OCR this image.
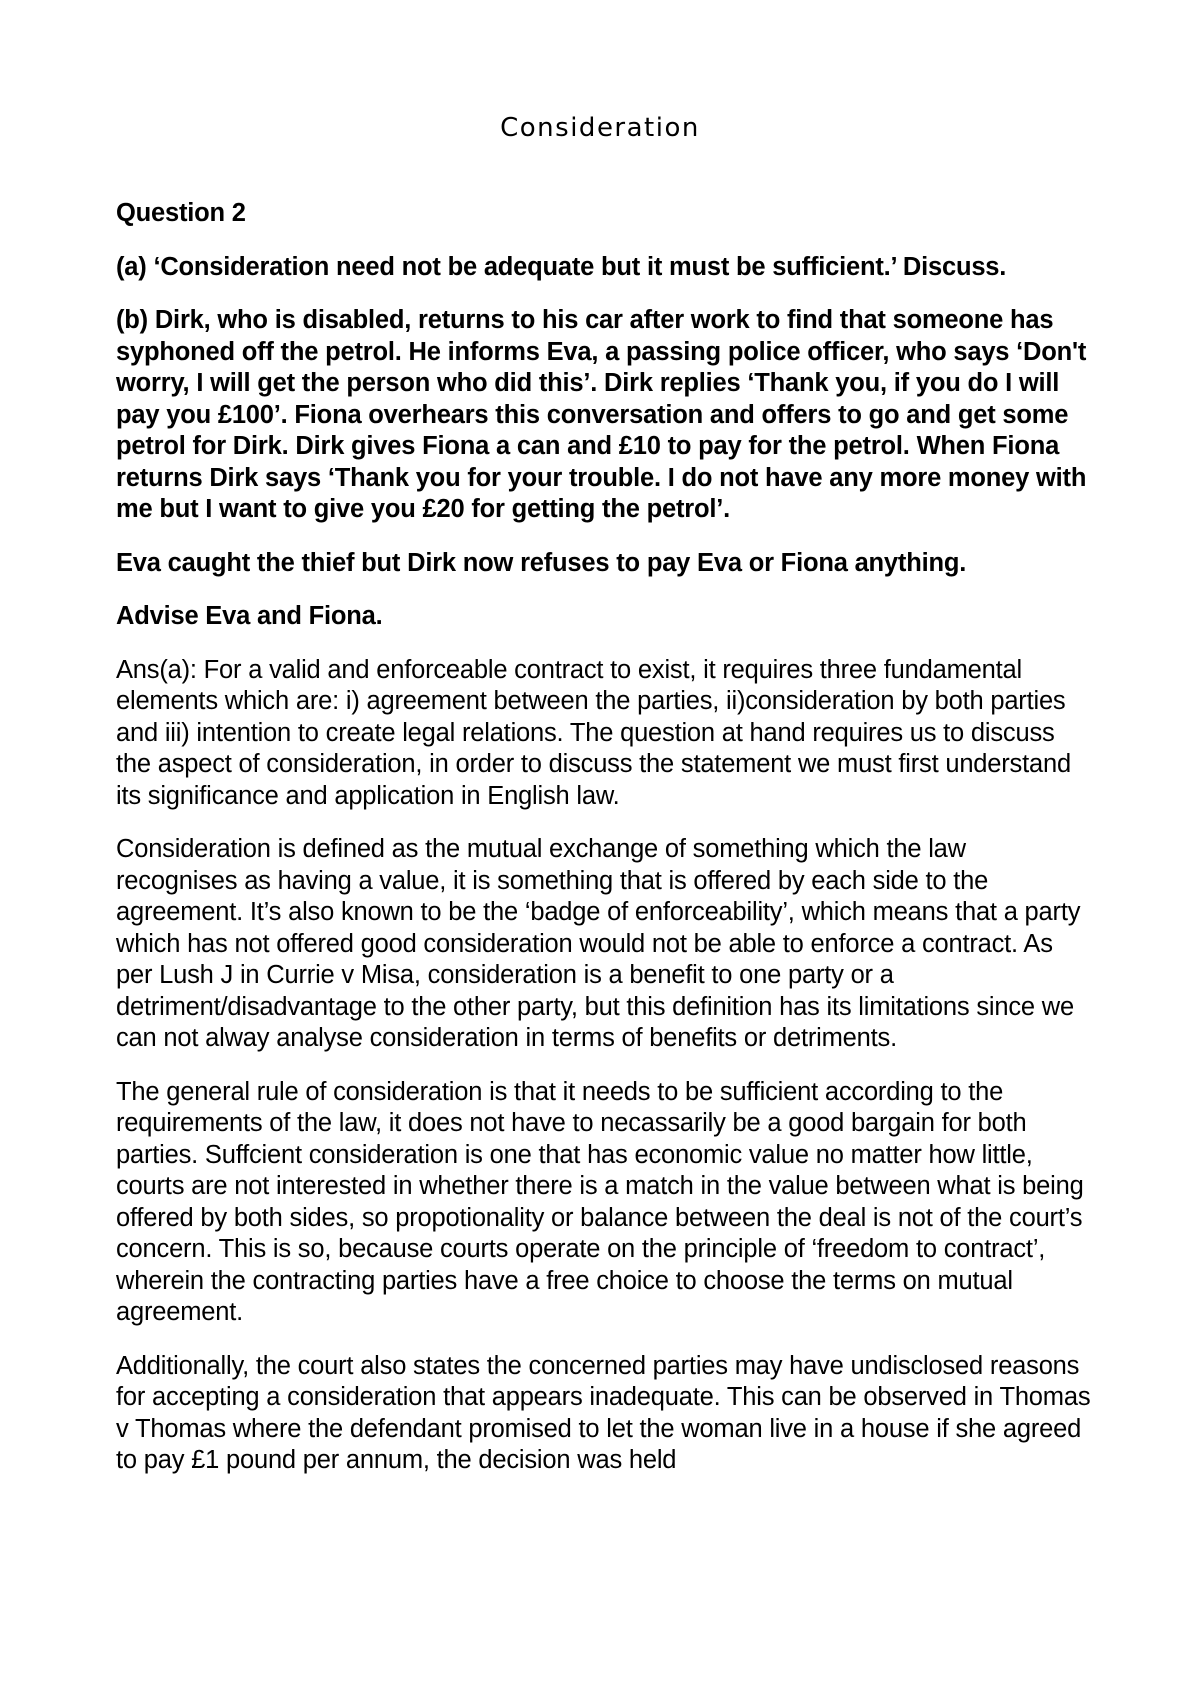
Consideration

Question 2

(a) ‘Consideration need not be adequate but it must be sufficient.’ Discuss.

(b) Dirk, who is disabled, returns to his car after work to find that someone has syphoned off the petrol. He informs Eva, a passing police officer, who says ‘Don't worry, I will get the person who did this’. Dirk replies ‘Thank you, if you do I will pay you £100’. Fiona overhears this conversation and offers to go and get some petrol for Dirk. Dirk gives Fiona a can and £10 to pay for the petrol. When Fiona returns Dirk says ‘Thank you for your trouble. I do not have any more money with me but I want to give you £20 for getting the petrol’.

Eva caught the thief but Dirk now refuses to pay Eva or Fiona anything.

Advise Eva and Fiona.

Ans(a): For a valid and enforceable contract to exist, it requires three fundamental elements which are: i) agreement between the parties, ii)consideration by both parties and iii) intention to create legal relations. The question at hand requires us to discuss the aspect of consideration, in order to discuss the statement we must first understand its significance and application in English law.

Consideration is defined as the mutual exchange of something which the law recognises as having a value, it is something that is offered by each side to the agreement. It’s also known to be the ‘badge of enforceability’, which means that a party which has not offered good consideration would not be able to enforce a contract. As per Lush J in Currie v Misa, consideration is a benefit to one party or a detriment/disadvantage to the other party, but this definition has its limitations since we can not alway analyse consideration in terms of benefits or detriments.

The general rule of consideration is that it needs to be sufficient according to the requirements of the law, it does not have to necassarily be a good bargain for both parties. Suffcient consideration is one that has economic value no matter how little, courts are not interested in whether there is a match in the value between what is being offered by both sides, so propotionality or balance between the deal is not of the court’s concern. This is so, because courts operate on the principle of ‘freedom to contract’, wherein the contracting parties have a free choice to choose the terms on mutual agreement.

Additionally, the court also states the concerned parties may have undisclosed reasons for accepting a consideration that appears inadequate. This can be observed in Thomas v Thomas where the defendant promised to let the woman live in a house if she agreed to pay £1 pound per annum, the decision was held
